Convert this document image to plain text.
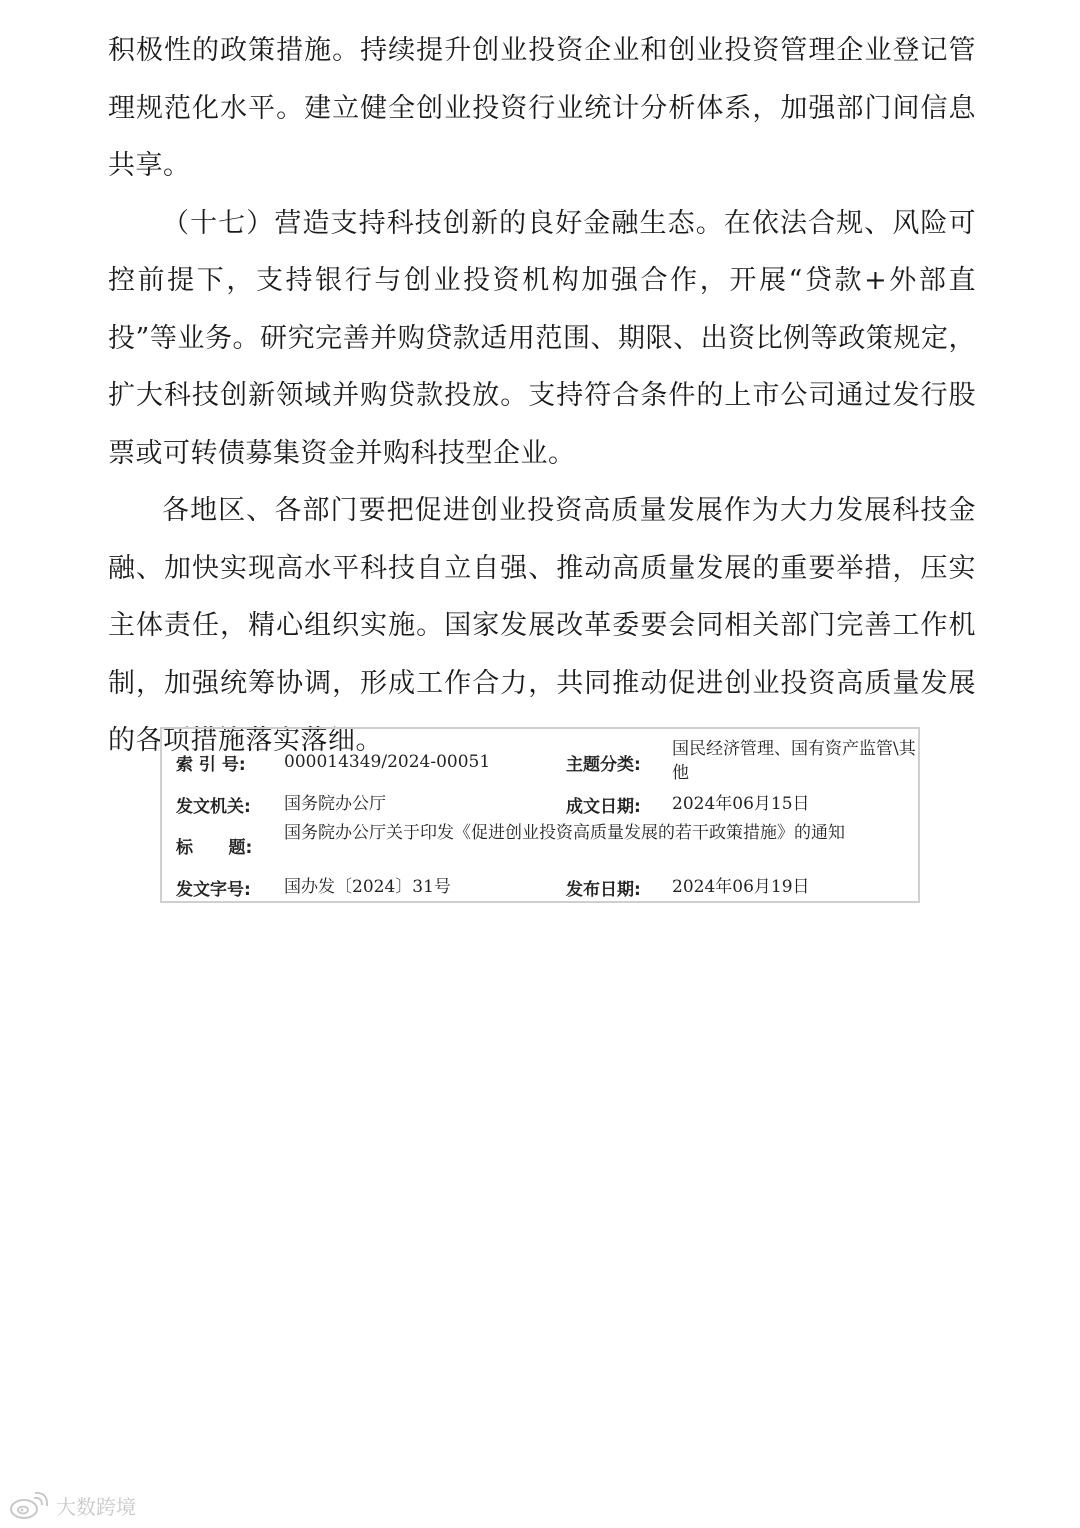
积极性的政策措施。持续提升创业投资企业和创业投资管理企业登记管理规范化水平。建立健全创业投资行业统计分析体系，加强部门间信息共享。

（十七）营造支持科技创新的良好金融生态。在依法合规、风险可控前提下，支持银行与创业投资机构加强合作，开展“贷款+外部直投”等业务。研究完善并购贷款适用范围、期限、出资比例等政策规定，扩大科技创新领域并购贷款投放。支持符合条件的上市公司通过发行股票或可转债募集资金并购科技型企业。

各地区、各部门要把促进创业投资高质量发展作为大力发展科技金融、加快实现高水平科技自立自强、推动高质量发展的重要举措，压实主体责任，精心组织实施。国家发展改革委要会同相关部门完善工作机制，加强统筹协调，形成工作合力，共同推动促进创业投资高质量发展的各项措施落实落细。

索 引 号: 000014349/2024-00051	主题分类:
国民经济管理、国有资产监管\其他
发文机关: 国务院办公厅	成文日期: 2024年06月15日
标      题:
国务院办公厅关于印发《促进创业投资高质量发展的若干政策措施》的通知
发文字号: 国办发〔2024〕31号	发布日期: 2024年06月19日
大数跨境
